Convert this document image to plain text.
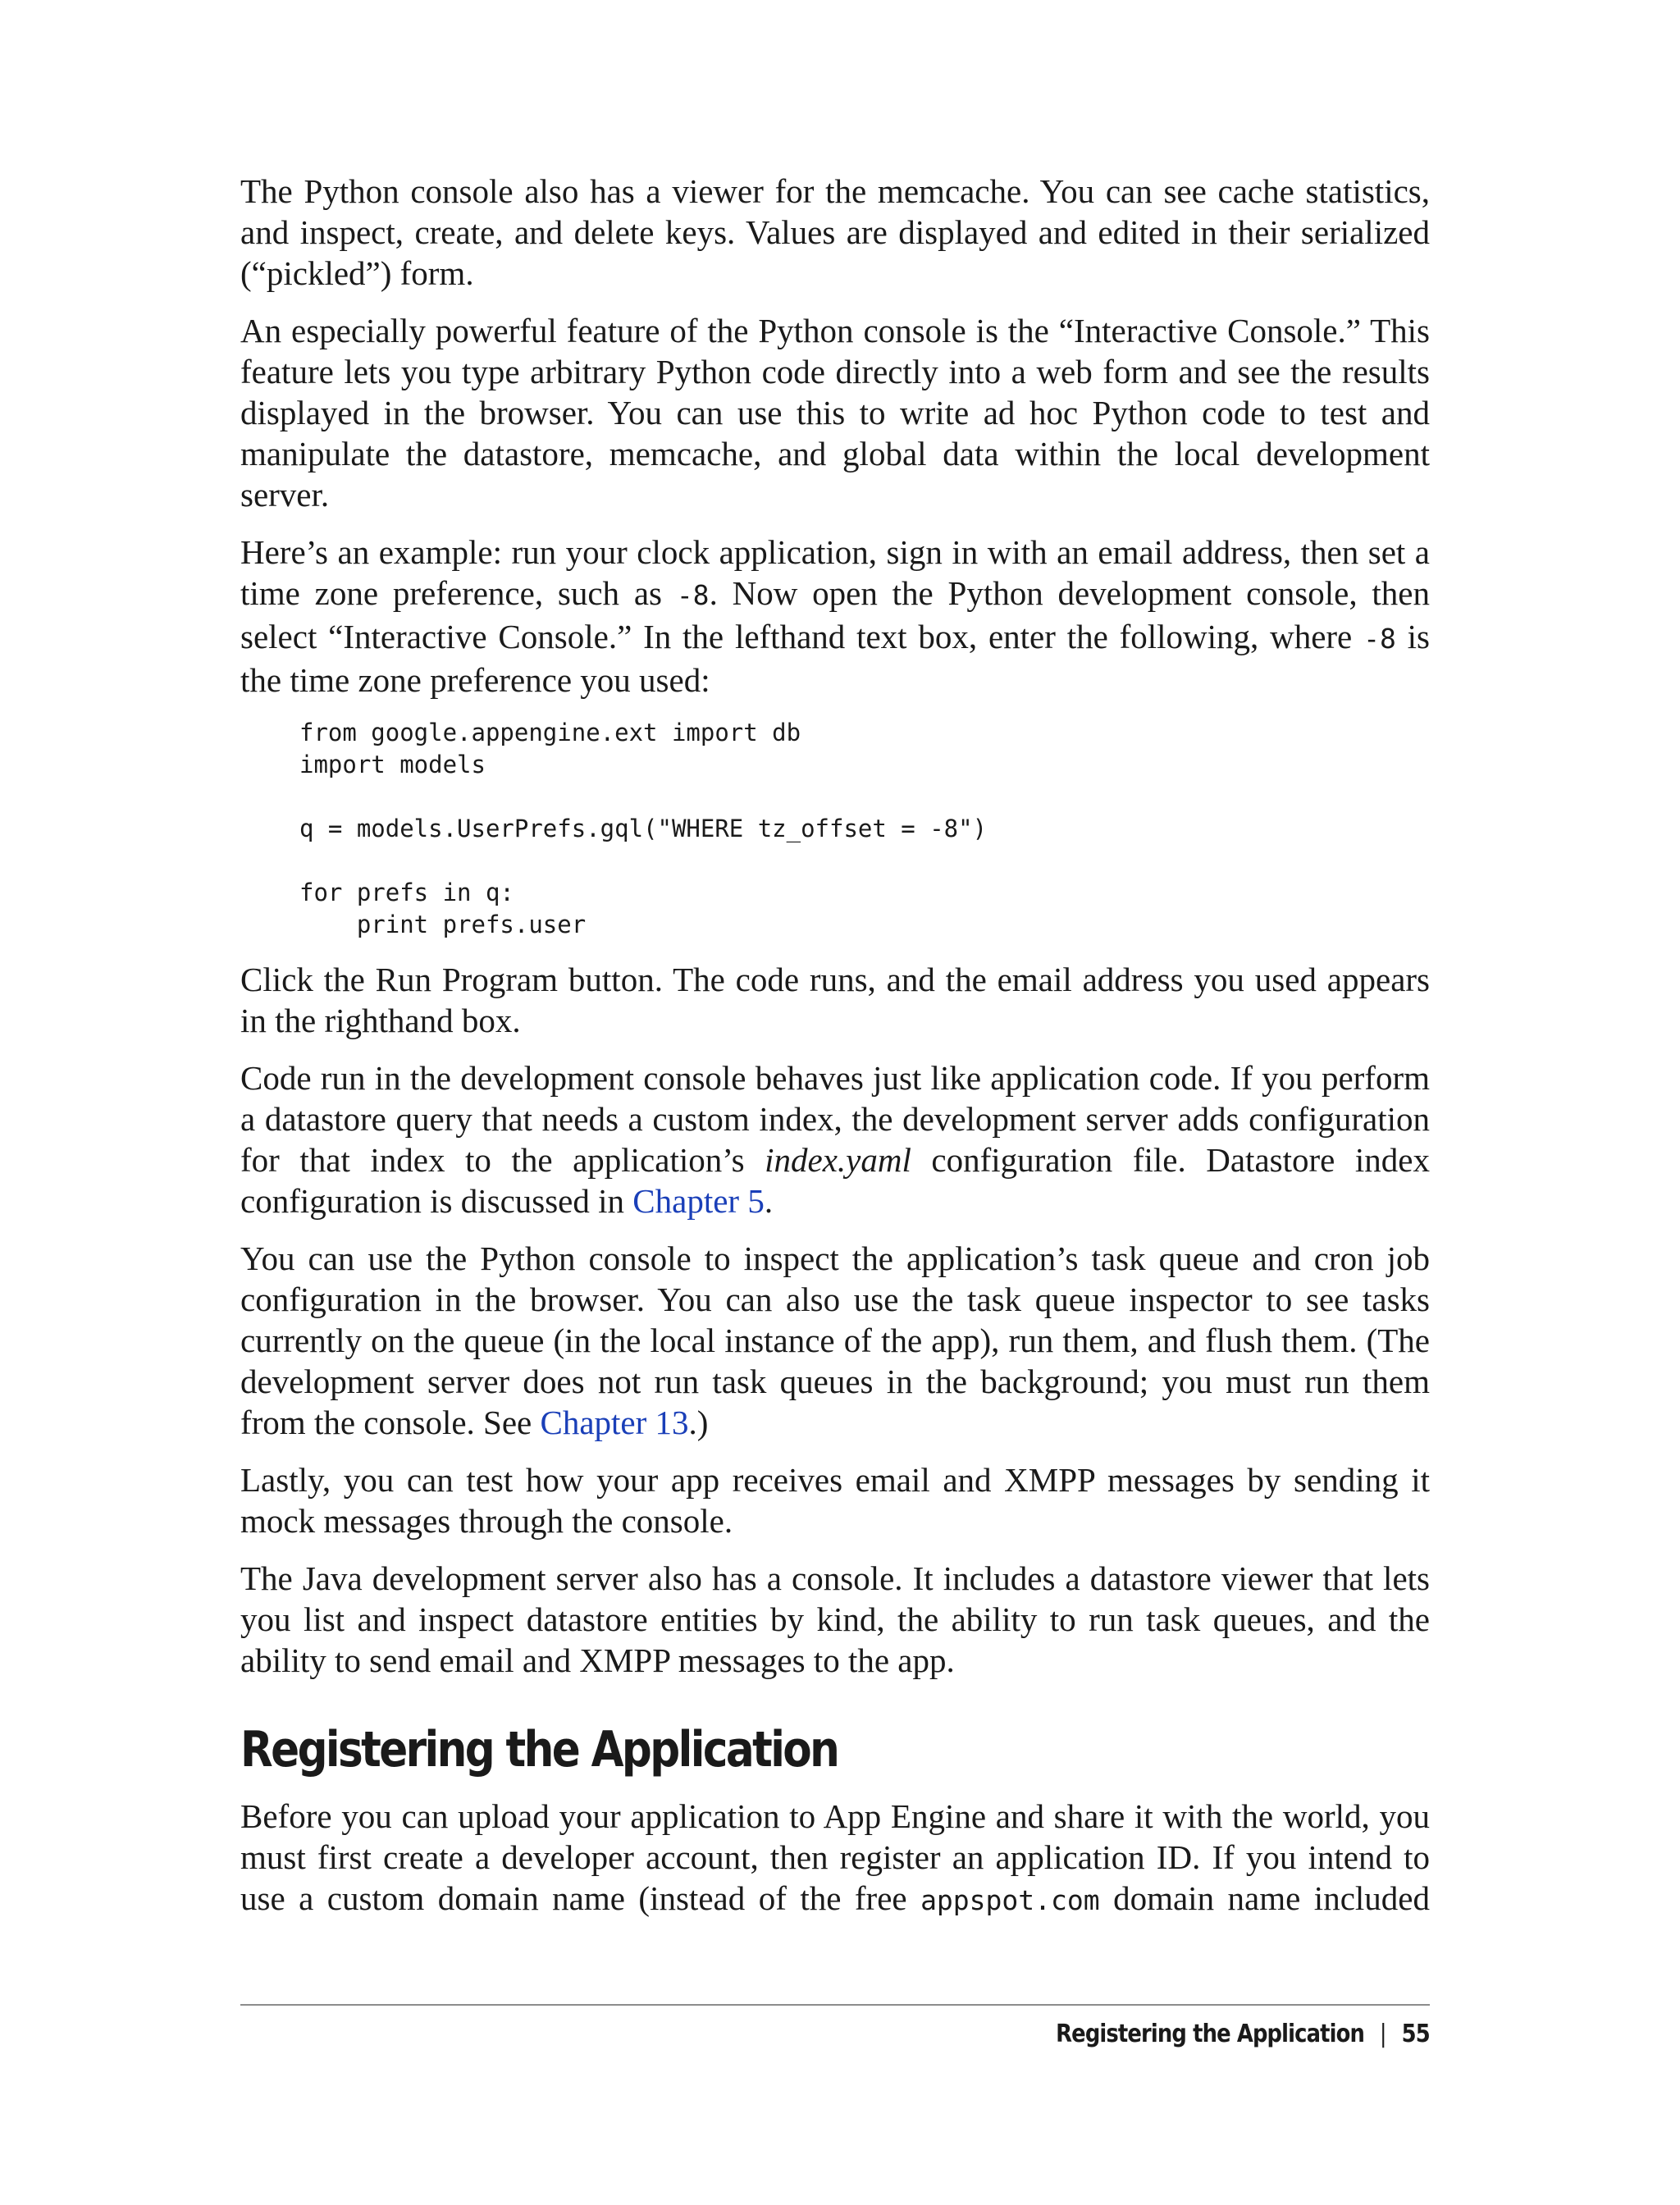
The Python console also has a viewer for the memcache. You can see cache statistics, and inspect, create, and delete keys. Values are displayed and edited in their serialized (“pickled”) form.

An especially powerful feature of the Python console is the “Interactive Console.” This feature lets you type arbitrary Python code directly into a web form and see the results displayed in the browser. You can use this to write ad hoc Python code to test and manipulate the datastore, memcache, and global data within the local development server.

Here’s an example: run your clock application, sign in with an email address, then set a time zone preference, such as -8. Now open the Python development console, then select “Interactive Console.” In the lefthand text box, enter the following, where -8 is the time zone preference you used:

from google.appengine.ext import db
import models

q = models.UserPrefs.gql("WHERE tz_offset = -8")

for prefs in q:
print prefs.user

Click the Run Program button. The code runs, and the email address you used appears in the righthand box.

Code run in the development console behaves just like application code. If you perform a datastore query that needs a custom index, the development server adds configuration for that index to the application’s index.yaml configuration file. Datastore index configuration is discussed in Chapter 5.

You can use the Python console to inspect the application’s task queue and cron job configuration in the browser. You can also use the task queue inspector to see tasks currently on the queue (in the local instance of the app), run them, and flush them. (The development server does not run task queues in the background; you must run them from the console. See Chapter 13.)

Lastly, you can test how your app receives email and XMPP messages by sending it mock messages through the console.

The Java development server also has a console. It includes a datastore viewer that lets you list and inspect datastore entities by kind, the ability to run task queues, and the ability to send email and XMPP messages to the app.

Registering the Application

Before you can upload your application to App Engine and share it with the world, you must first create a developer account, then register an application ID. If you intend to use a custom domain name (instead of the free appspot.com domain name included

Registering the Application | 55
